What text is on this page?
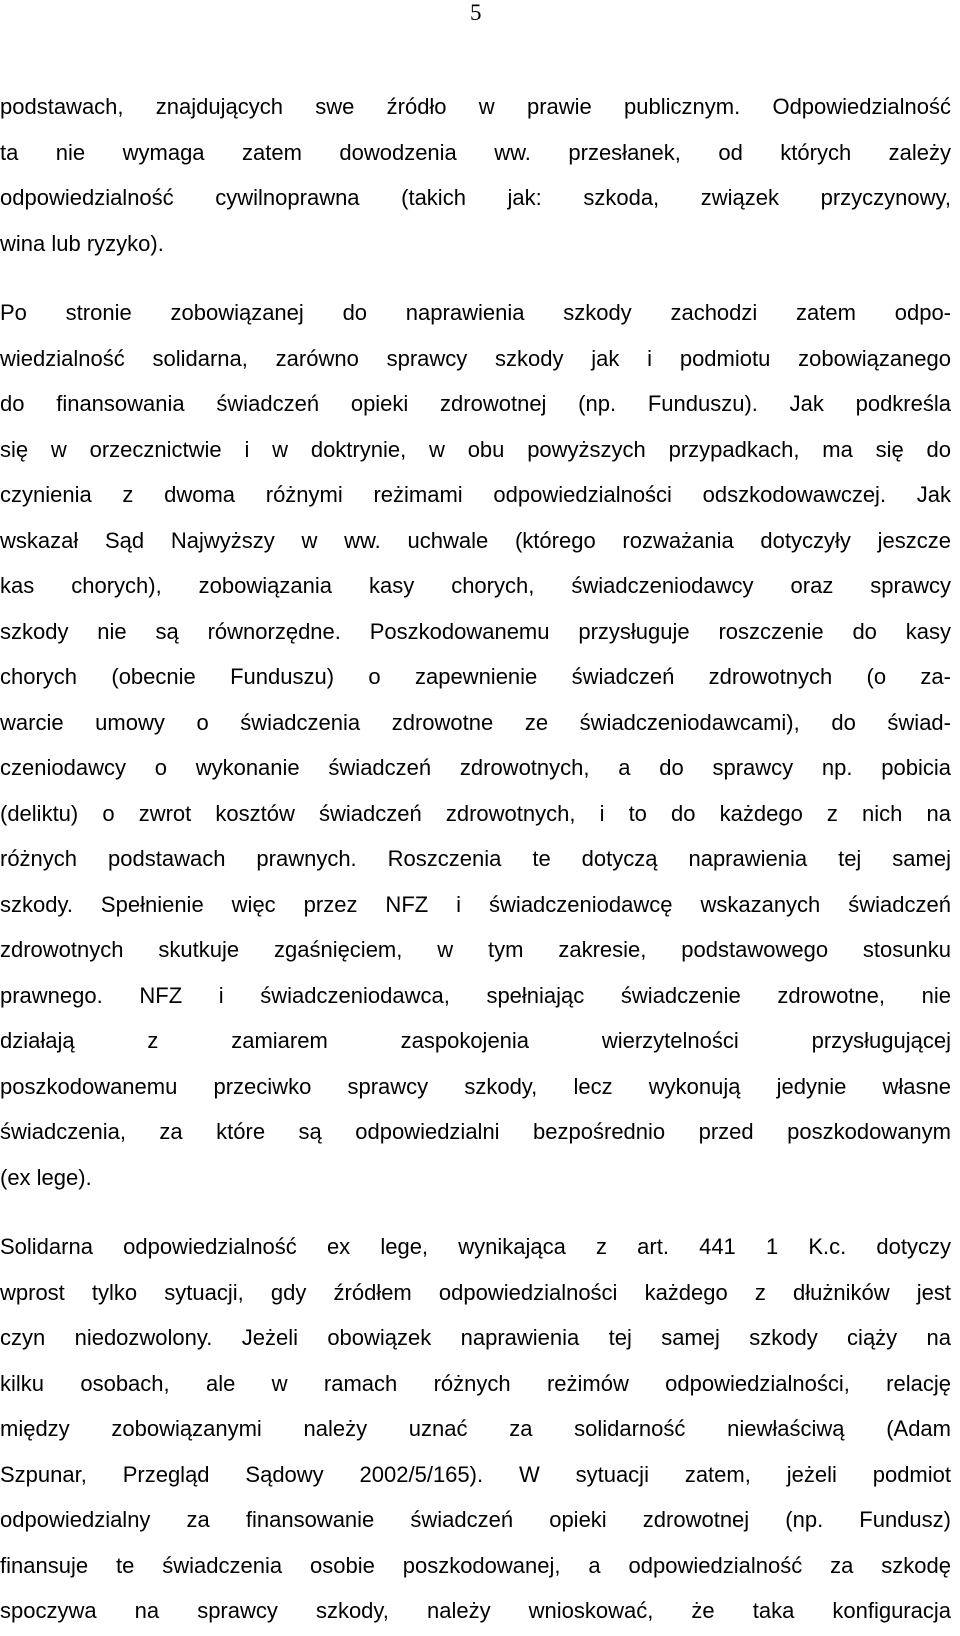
5
podstawach, znajdujących swe źródło w prawie publicznym. Odpowiedzialność
ta nie wymaga zatem dowodzenia ww. przesłanek, od których zależy
odpowiedzialność cywilnoprawna (takich jak: szkoda, związek przyczynowy,
wina lub ryzyko).
Po stronie zobowiązanej do naprawienia szkody zachodzi zatem odpo-
wiedzialność solidarna, zarówno sprawcy szkody jak i podmiotu zobowiązanego
do finansowania świadczeń opieki zdrowotnej (np. Funduszu). Jak podkreśla
się w orzecznictwie i w doktrynie, w obu powyższych przypadkach, ma się do
czynienia z dwoma różnymi reżimami odpowiedzialności odszkodowawczej. Jak
wskazał Sąd Najwyższy w ww. uchwale (którego rozważania dotyczyły jeszcze
kas chorych), zobowiązania kasy chorych, świadczeniodawcy oraz sprawcy
szkody nie są równorzędne. Poszkodowanemu przysługuje roszczenie do kasy
chorych (obecnie Funduszu) o zapewnienie świadczeń zdrowotnych (o za-
warcie umowy o świadczenia zdrowotne ze świadczeniodawcami), do świad-
czeniodawcy o wykonanie świadczeń zdrowotnych, a do sprawcy np. pobicia
(deliktu) o zwrot kosztów świadczeń zdrowotnych, i to do każdego z nich na
różnych podstawach prawnych. Roszczenia te dotyczą naprawienia tej samej
szkody. Spełnienie więc przez NFZ i świadczeniodawcę wskazanych świadczeń
zdrowotnych skutkuje zgaśnięciem, w tym zakresie, podstawowego stosunku
prawnego. NFZ i świadczeniodawca, spełniając świadczenie zdrowotne, nie
działają z zamiarem zaspokojenia wierzytelności przysługującej
poszkodowanemu przeciwko sprawcy szkody, lecz wykonują jedynie własne
świadczenia, za które są odpowiedzialni bezpośrednio przed poszkodowanym
(ex lege).
Solidarna odpowiedzialność ex lege, wynikająca z art. 441 1 K.c. dotyczy
wprost tylko sytuacji, gdy źródłem odpowiedzialności każdego z dłużników jest
czyn niedozwolony. Jeżeli obowiązek naprawienia tej samej szkody ciąży na
kilku osobach, ale w ramach różnych reżimów odpowiedzialności, relację
między zobowiązanymi należy uznać za solidarność niewłaściwą (Adam
Szpunar, Przegląd Sądowy 2002/5/165). W sytuacji zatem, jeżeli podmiot
odpowiedzialny za finansowanie świadczeń opieki zdrowotnej (np. Fundusz)
finansuje te świadczenia osobie poszkodowanej, a odpowiedzialność za szkodę
spoczywa na sprawcy szkody, należy wnioskować, że taka konfiguracja
